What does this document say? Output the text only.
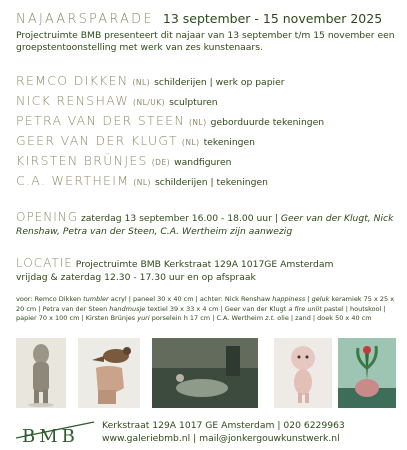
NAJAARSPARADE 13 september - 15 november 2025
Projectruimte BMB presenteert dit najaar van 13 september t/m 15 november een groepstentoonstelling met werk van zes kunstenaars.
REMCO DIKKEN (NL) schilderijen | werk op papier
NICK RENSHAW (NL/UK) sculpturen
PETRA VAN DER STEEN (NL) geborduurde tekeningen
GEER VAN DER KLUGT (NL) tekeningen
KIRSTEN BRÜNJES (DE) wandfiguren
C.A. WERTHEIM (NL) schilderijen | tekeningen
OPENING zaterdag 13 september 16.00 - 18.00 uur | Geer van der Klugt, Nick Renshaw, Petra van der Steen, C.A. Wertheim zijn aanwezig
LOCATIE Projectruimte BMB Kerkstraat 129A 1017GE Amsterdam
vrijdag & zaterdag 12.30 - 17.30 uur en op afspraak
voor: Remco Dikken tumbler acryl | paneel 30 x 40 cm | achter: Nick Renshaw happiness | geluk keramiek 75 x 25 x 20 cm | Petra van der Steen handmusje textiel 39 x 33 x 4 cm | Geer van der Klugt a fire unlit pastel | houtskool | papier 70 x 100 cm | Kirsten Brünjes yuri porselein h 17 cm | C.A. Wertheim z.t. olie | zand | doek 50 x 40 cm
BMB
Kerkstraat 129A 1017 GE Amsterdam | 020 6229963
www.galeriebmb.nl | mail@jonkergouwkunstwerk.nl
